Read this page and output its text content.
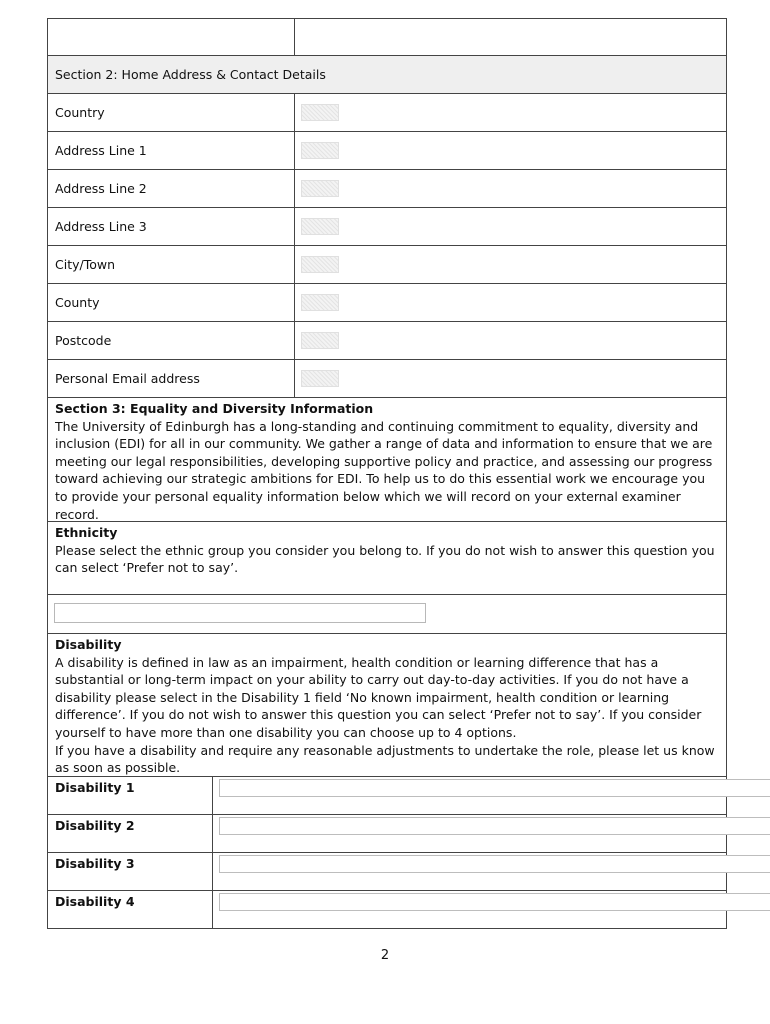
Section 2: Home Address & Contact Details
Country
Address Line 1
Address Line 2
Address Line 3
City/Town
County
Postcode
Personal Email address
Section 3: Equality and Diversity Information
The University of Edinburgh has a long-standing and continuing commitment to equality, diversity and inclusion (EDI) for all in our community. We gather a range of data and information to ensure that we are meeting our legal responsibilities, developing supportive policy and practice, and assessing our progress toward achieving our strategic ambitions for EDI. To help us to do this essential work we encourage you to provide your personal equality information below which we will record on your external examiner record.
Ethnicity
Please select the ethnic group you consider you belong to. If you do not wish to answer this question you can select ‘Prefer not to say’.
Disability
A disability is defined in law as an impairment, health condition or learning difference that has a substantial or long-term impact on your ability to carry out day-to-day activities. If you do not have a disability please select in the Disability 1 field ‘No known impairment, health condition or learning difference’. If you do not wish to answer this question you can select ‘Prefer not to say’. If you consider yourself to have more than one disability you can choose up to 4 options.
If you have a disability and require any reasonable adjustments to undertake the role, please let us know as soon as possible.
Disability 1
Disability 2
Disability 3
Disability 4
2
